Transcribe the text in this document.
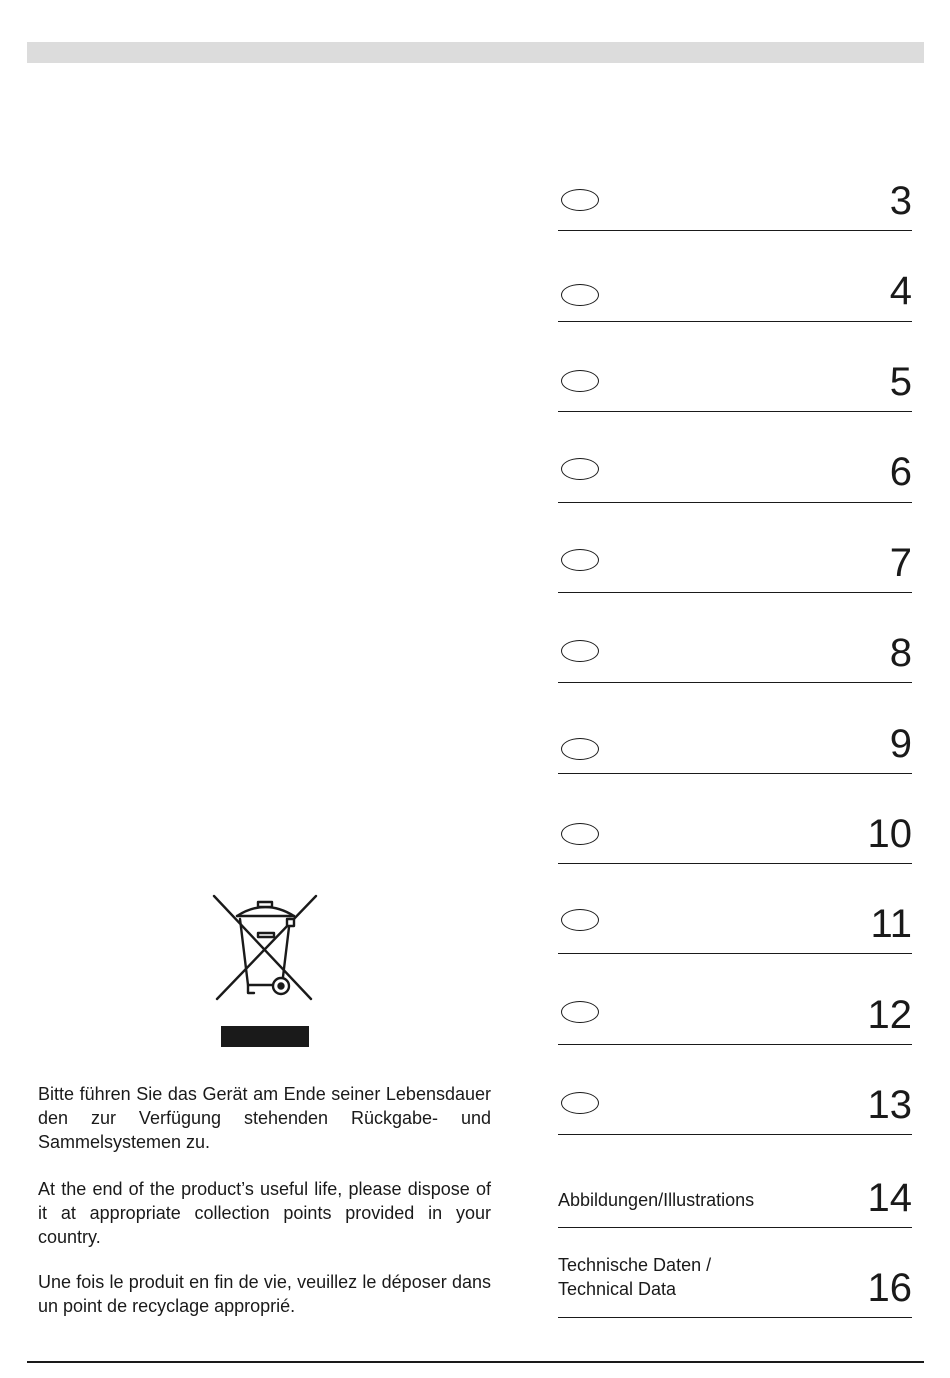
3
4
5
6
7
8
9
10
11
12
13
Abbildungen/Illustrations	14
Technische Daten /
Technical Data	16
Bitte führen Sie das Gerät am Ende seiner Lebensdauer den zur Verfügung stehenden Rückgabe- und Sammelsystemen zu.
At the end of the product’s useful life, please dispose of it at appropriate collection points provided in your country.
Une fois le produit en fin de vie, veuillez le déposer dans un point de recyclage approprié.
